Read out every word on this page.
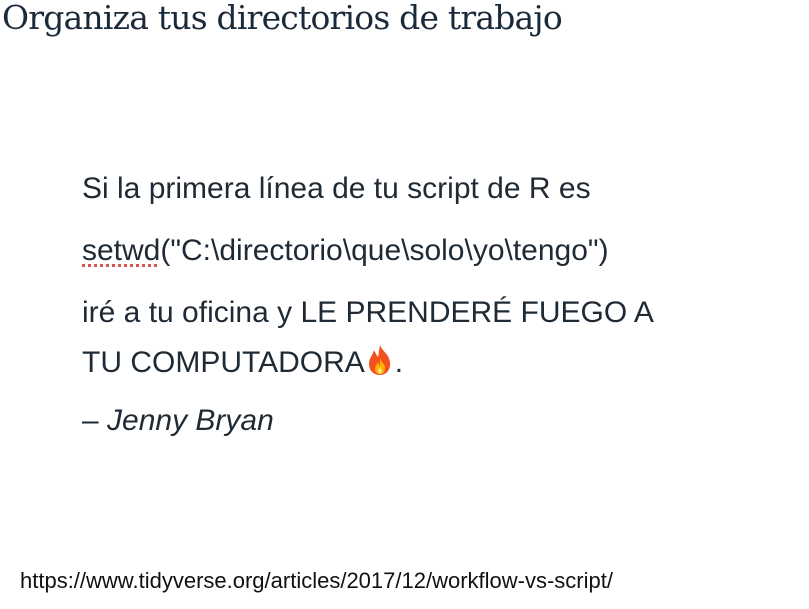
Organiza tus directorios de trabajo
Si la primera línea de tu script de R es
setwd("C:\directorio\que\solo\yo\tengo")
iré a tu oficina y LE PRENDERÉ FUEGO A
TU COMPUTADORA .
– Jenny Bryan
https://www.tidyverse.org/articles/2017/12/workflow-vs-script/
